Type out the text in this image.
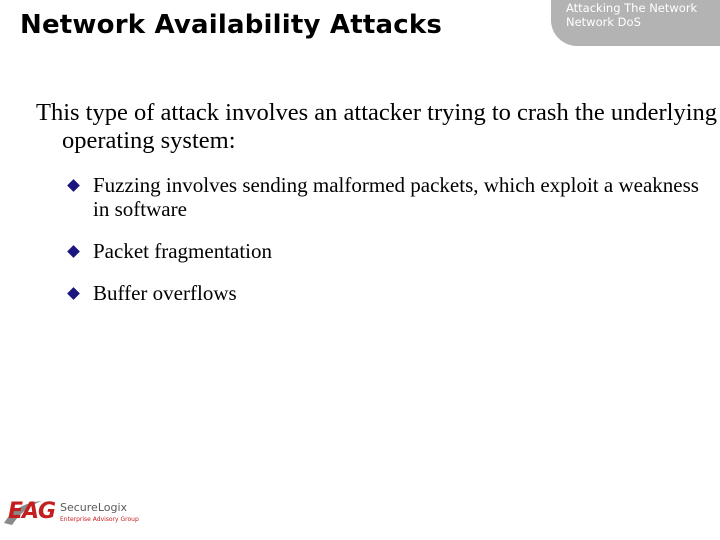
Network Availability Attacks
Attacking The Network
Network DoS
This type of attack involves an attacker trying to crash the underlying operating system:
Fuzzing involves sending malformed packets, which exploit a weakness in software
Packet fragmentation
Buffer overflows
EAG SecureLogix
Enterprise Advisory Group
